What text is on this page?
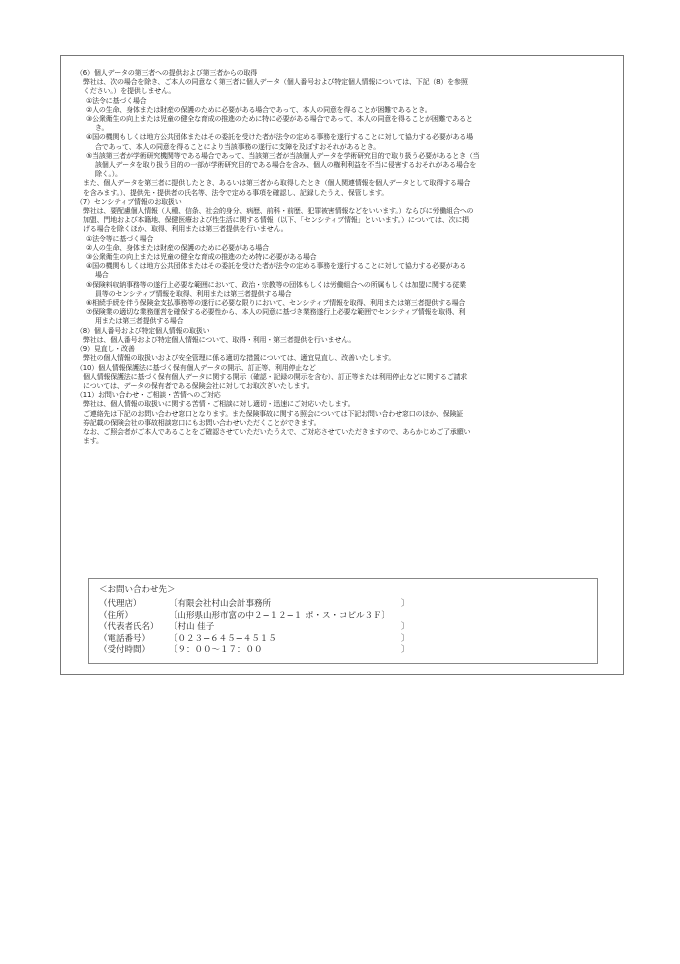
（6）個人データの第三者への提供および第三者からの取得
弊社は、次の場合を除き、ご本人の同意なく第三者に個人データ（個人番号および特定個人情報については、下記（8）を参照
ください。）を提供しません。
①法令に基づく場合
②人の生命、身体または財産の保護のために必要がある場合であって、本人の同意を得ることが困難であるとき。
③公衆衛生の向上または児童の健全な育成の推進のために特に必要がある場合であって、本人の同意を得ることが困難であると
き。
④国の機関もしくは地方公共団体またはその委託を受けた者が法令の定める事務を遂行することに対して協力する必要がある場
合であって、本人の同意を得ることにより当該事務の遂行に支障を及ぼすおそれがあるとき。
⑤当該第三者が学術研究機関等である場合であって、当該第三者が当該個人データを学術研究目的で取り扱う必要があるとき（当
該個人データを取り扱う目的の一部が学術研究目的である場合を含み、個人の権利利益を不当に侵害するおそれがある場合を
除く。）。
また、個人データを第三者に提供したとき、あるいは第三者から取得したとき（個人関連情報を個人データとして取得する場合
を含みます。）、提供先・提供者の氏名等、法令で定める事項を確認し、記録したうえ、保管します。
（7）センシティブ情報のお取扱い
弊社は、要配慮個人情報（人種、信条、社会的身分、病歴、前科・前歴、犯罪被害情報などをいいます。）ならびに労働組合への
加盟、門地および本籍地、保健医療および性生活に関する情報（以下、「センシティブ情報」といいます。）については、次に掲
げる場合を除くほか、取得、利用または第三者提供を行いません。
①法令等に基づく場合
②人の生命、身体または財産の保護のために必要がある場合
③公衆衛生の向上または児童の健全な育成の推進のため特に必要がある場合
④国の機関もしくは地方公共団体またはその委託を受けた者が法令の定める事務を遂行することに対して協力する必要がある
場合
⑤保険料収納事務等の遂行上必要な範囲において、政治・宗教等の団体もしくは労働組合への所属もしくは加盟に関する従業
員等のセンシティブ情報を取得、利用または第三者提供する場合
⑥相続手続を伴う保険金支払事務等の遂行に必要な限りにおいて、センシティブ情報を取得、利用または第三者提供する場合
⑦保険業の適切な業務運営を確保する必要性から、本人の同意に基づき業務遂行上必要な範囲でセンシティブ情報を取得、利
用または第三者提供する場合
（8）個人番号および特定個人情報の取扱い
弊社は、個人番号および特定個人情報について、取得・利用・第三者提供を行いません。
（9）見直し・改善
弊社の個人情報の取扱いおよび安全管理に係る適切な措置については、適宜見直し、改善いたします。
（10）個人情報保護法に基づく保有個人データの開示、訂正等、利用停止など
個人情報保護法に基づく保有個人データに関する開示（確認・記録の開示を含む）、訂正等または利用停止などに関するご請求
については、データの保有者である保険会社に対してお取次ぎいたします。
（11）お問い合わせ・ご相談・苦情へのご対応
弊社は、個人情報の取扱いに関する苦情・ご相談に対し適切・迅速にご対応いたします。
ご連絡先は下記のお問い合わせ窓口となります。また保険事故に関する照会については下記お問い合わせ窓口のほか、保険証
券記載の保険会社の事故相談窓口にもお問い合わせいただくことができます。
なお、ご照会者がご本人であることをご確認させていただいたうえで、ご対応させていただきますので、あらかじめご了承願い
ます。
＜お問い合わせ先＞
（代理店）	〔有限会社村山会計事務所	〕
（住所）	〔山形県山形市富の中２−１２−１ ポ・ス・コピル３Ｆ〕
（代表者氏名） 〔村山 佳子	〕
（電話番号） 〔０２３−６４５−４５１５	〕
（受付時間） 〔９：００〜１７：００	〕
